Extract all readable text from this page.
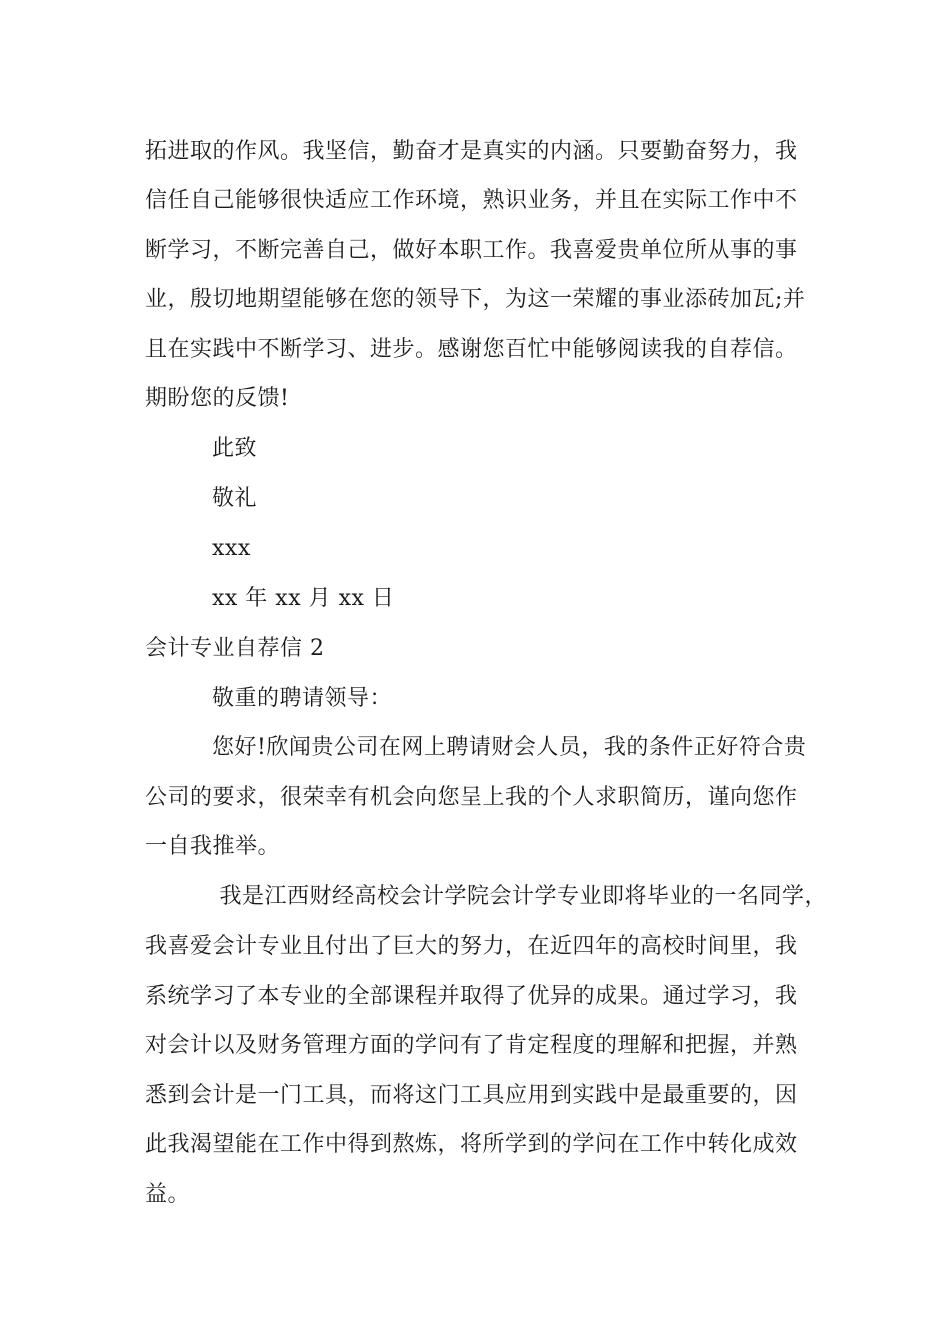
拓进取的作风。我坚信，勤奋才是真实的内涵。只要勤奋努力，我
信任自己能够很快适应工作环境，熟识业务，并且在实际工作中不
断学习，不断完善自己，做好本职工作。我喜爱贵单位所从事的事
业，殷切地期望能够在您的领导下，为这一荣耀的事业添砖加瓦;并
且在实践中不断学习、进步。感谢您百忙中能够阅读我的自荐信。
期盼您的反馈!
此致
敬礼
xxx
xx 年 xx 月 xx 日
会计专业自荐信 2
敬重的聘请领导：
您好!欣闻贵公司在网上聘请财会人员，我的条件正好符合贵
公司的要求，很荣幸有机会向您呈上我的个人求职简历，谨向您作
一自我推举。
我是江西财经高校会计学院会计学专业即将毕业的一名同学，
我喜爱会计专业且付出了巨大的努力，在近四年的高校时间里，我
系统学习了本专业的全部课程并取得了优异的成果。通过学习，我
对会计以及财务管理方面的学问有了肯定程度的理解和把握，并熟
悉到会计是一门工具，而将这门工具应用到实践中是最重要的，因
此我渴望能在工作中得到熬炼，将所学到的学问在工作中转化成效
益。
